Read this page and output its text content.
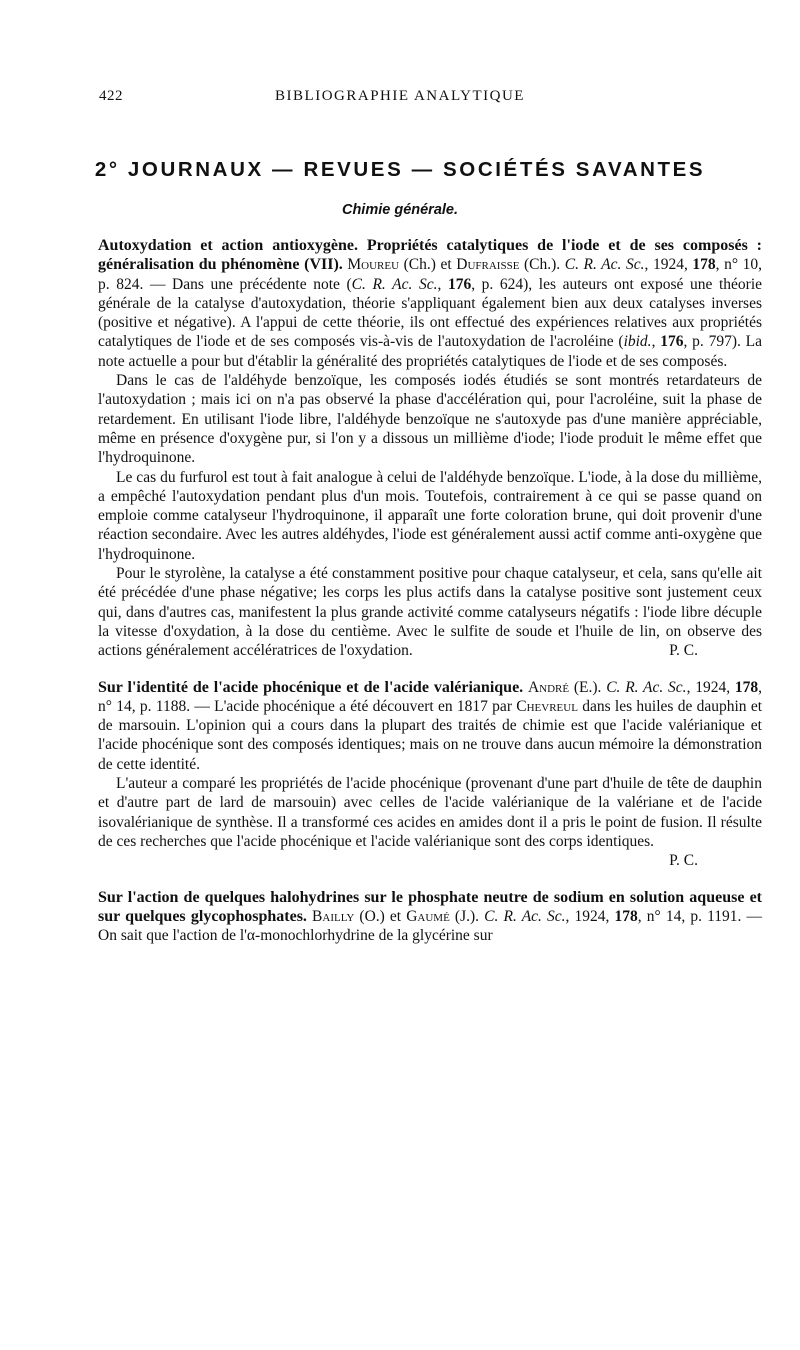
422	BIBLIOGRAPHIE ANALYTIQUE
2° JOURNAUX — REVUES — SOCIÉTÉS SAVANTES
Chimie générale.

Autoxydation et action antioxygène. Propriétés catalytiques de l'iode et de ses composés : généralisation du phénomène (VII). Moureu (Ch.) et Dufraisse (Ch.). C. R. Ac. Sc., 1924, 178, n° 10, p. 824. — Dans une précédente note (C. R. Ac. Sc., 176, p. 624), les auteurs ont exposé une théorie générale de la catalyse d'autoxydation, théorie s'appliquant également bien aux deux catalyses inverses (positive et négative). A l'appui de cette théorie, ils ont effectué des expériences relatives aux propriétés catalytiques de l'iode et de ses composés vis-à-vis de l'autoxydation de l'acroléine (ibid., 176, p. 797). La note actuelle a pour but d'établir la généralité des propriétés catalytiques de l'iode et de ses composés.

Dans le cas de l'aldéhyde benzoïque, les composés iodés étudiés se sont montrés retardateurs de l'autoxydation ; mais ici on n'a pas observé la phase d'accélération qui, pour l'acroléine, suit la phase de retardement. En utilisant l'iode libre, l'aldéhyde benzoïque ne s'autoxyde pas d'une manière appréciable, même en présence d'oxygène pur, si l'on y a dissous un millième d'iode; l'iode produit le même effet que l'hydroquinone.

Le cas du furfurol est tout à fait analogue à celui de l'aldéhyde benzoïque. L'iode, à la dose du millième, a empêché l'autoxydation pendant plus d'un mois. Toutefois, contrairement à ce qui se passe quand on emploie comme catalyseur l'hydroquinone, il apparaît une forte coloration brune, qui doit provenir d'une réaction secondaire. Avec les autres aldéhydes, l'iode est généralement aussi actif comme anti-oxygène que l'hydroquinone.

Pour le styrolène, la catalyse a été constamment positive pour chaque catalyseur, et cela, sans qu'elle ait été précédée d'une phase négative; les corps les plus actifs dans la catalyse positive sont justement ceux qui, dans d'autres cas, manifestent la plus grande activité comme catalyseurs négatifs : l'iode libre décuple la vitesse d'oxydation, à la dose du centième. Avec le sulfite de soude et l'huile de lin, on observe des actions généralement accélératrices de l'oxydation.	P. C.

Sur l'identité de l'acide phocénique et de l'acide valérianique. André (E.). C. R. Ac. Sc., 1924, 178, n° 14, p. 1188. — L'acide phocénique a été découvert en 1817 par Chevreul dans les huiles de dauphin et de marsouin. L'opinion qui a cours dans la plupart des traités de chimie est que l'acide valérianique et l'acide phocénique sont des composés identiques; mais on ne trouve dans aucun mémoire la démonstration de cette identité.

L'auteur a comparé les propriétés de l'acide phocénique (provenant d'une part d'huile de tête de dauphin et d'autre part de lard de marsouin) avec celles de l'acide valérianique de la valériane et de l'acide isovalérianique de synthèse. Il a transformé ces acides en amides dont il a pris le point de fusion. Il résulte de ces recherches que l'acide phocénique et l'acide valérianique sont des corps identiques.
P. C.

Sur l'action de quelques halohydrines sur le phosphate neutre de sodium en solution aqueuse et sur quelques glycophosphates. Bailly (O.) et Gaumé (J.). C. R. Ac. Sc., 1924, 178, n° 14, p. 1191. — On sait que l'action de l'α-monochlorhydrine de la glycérine sur
